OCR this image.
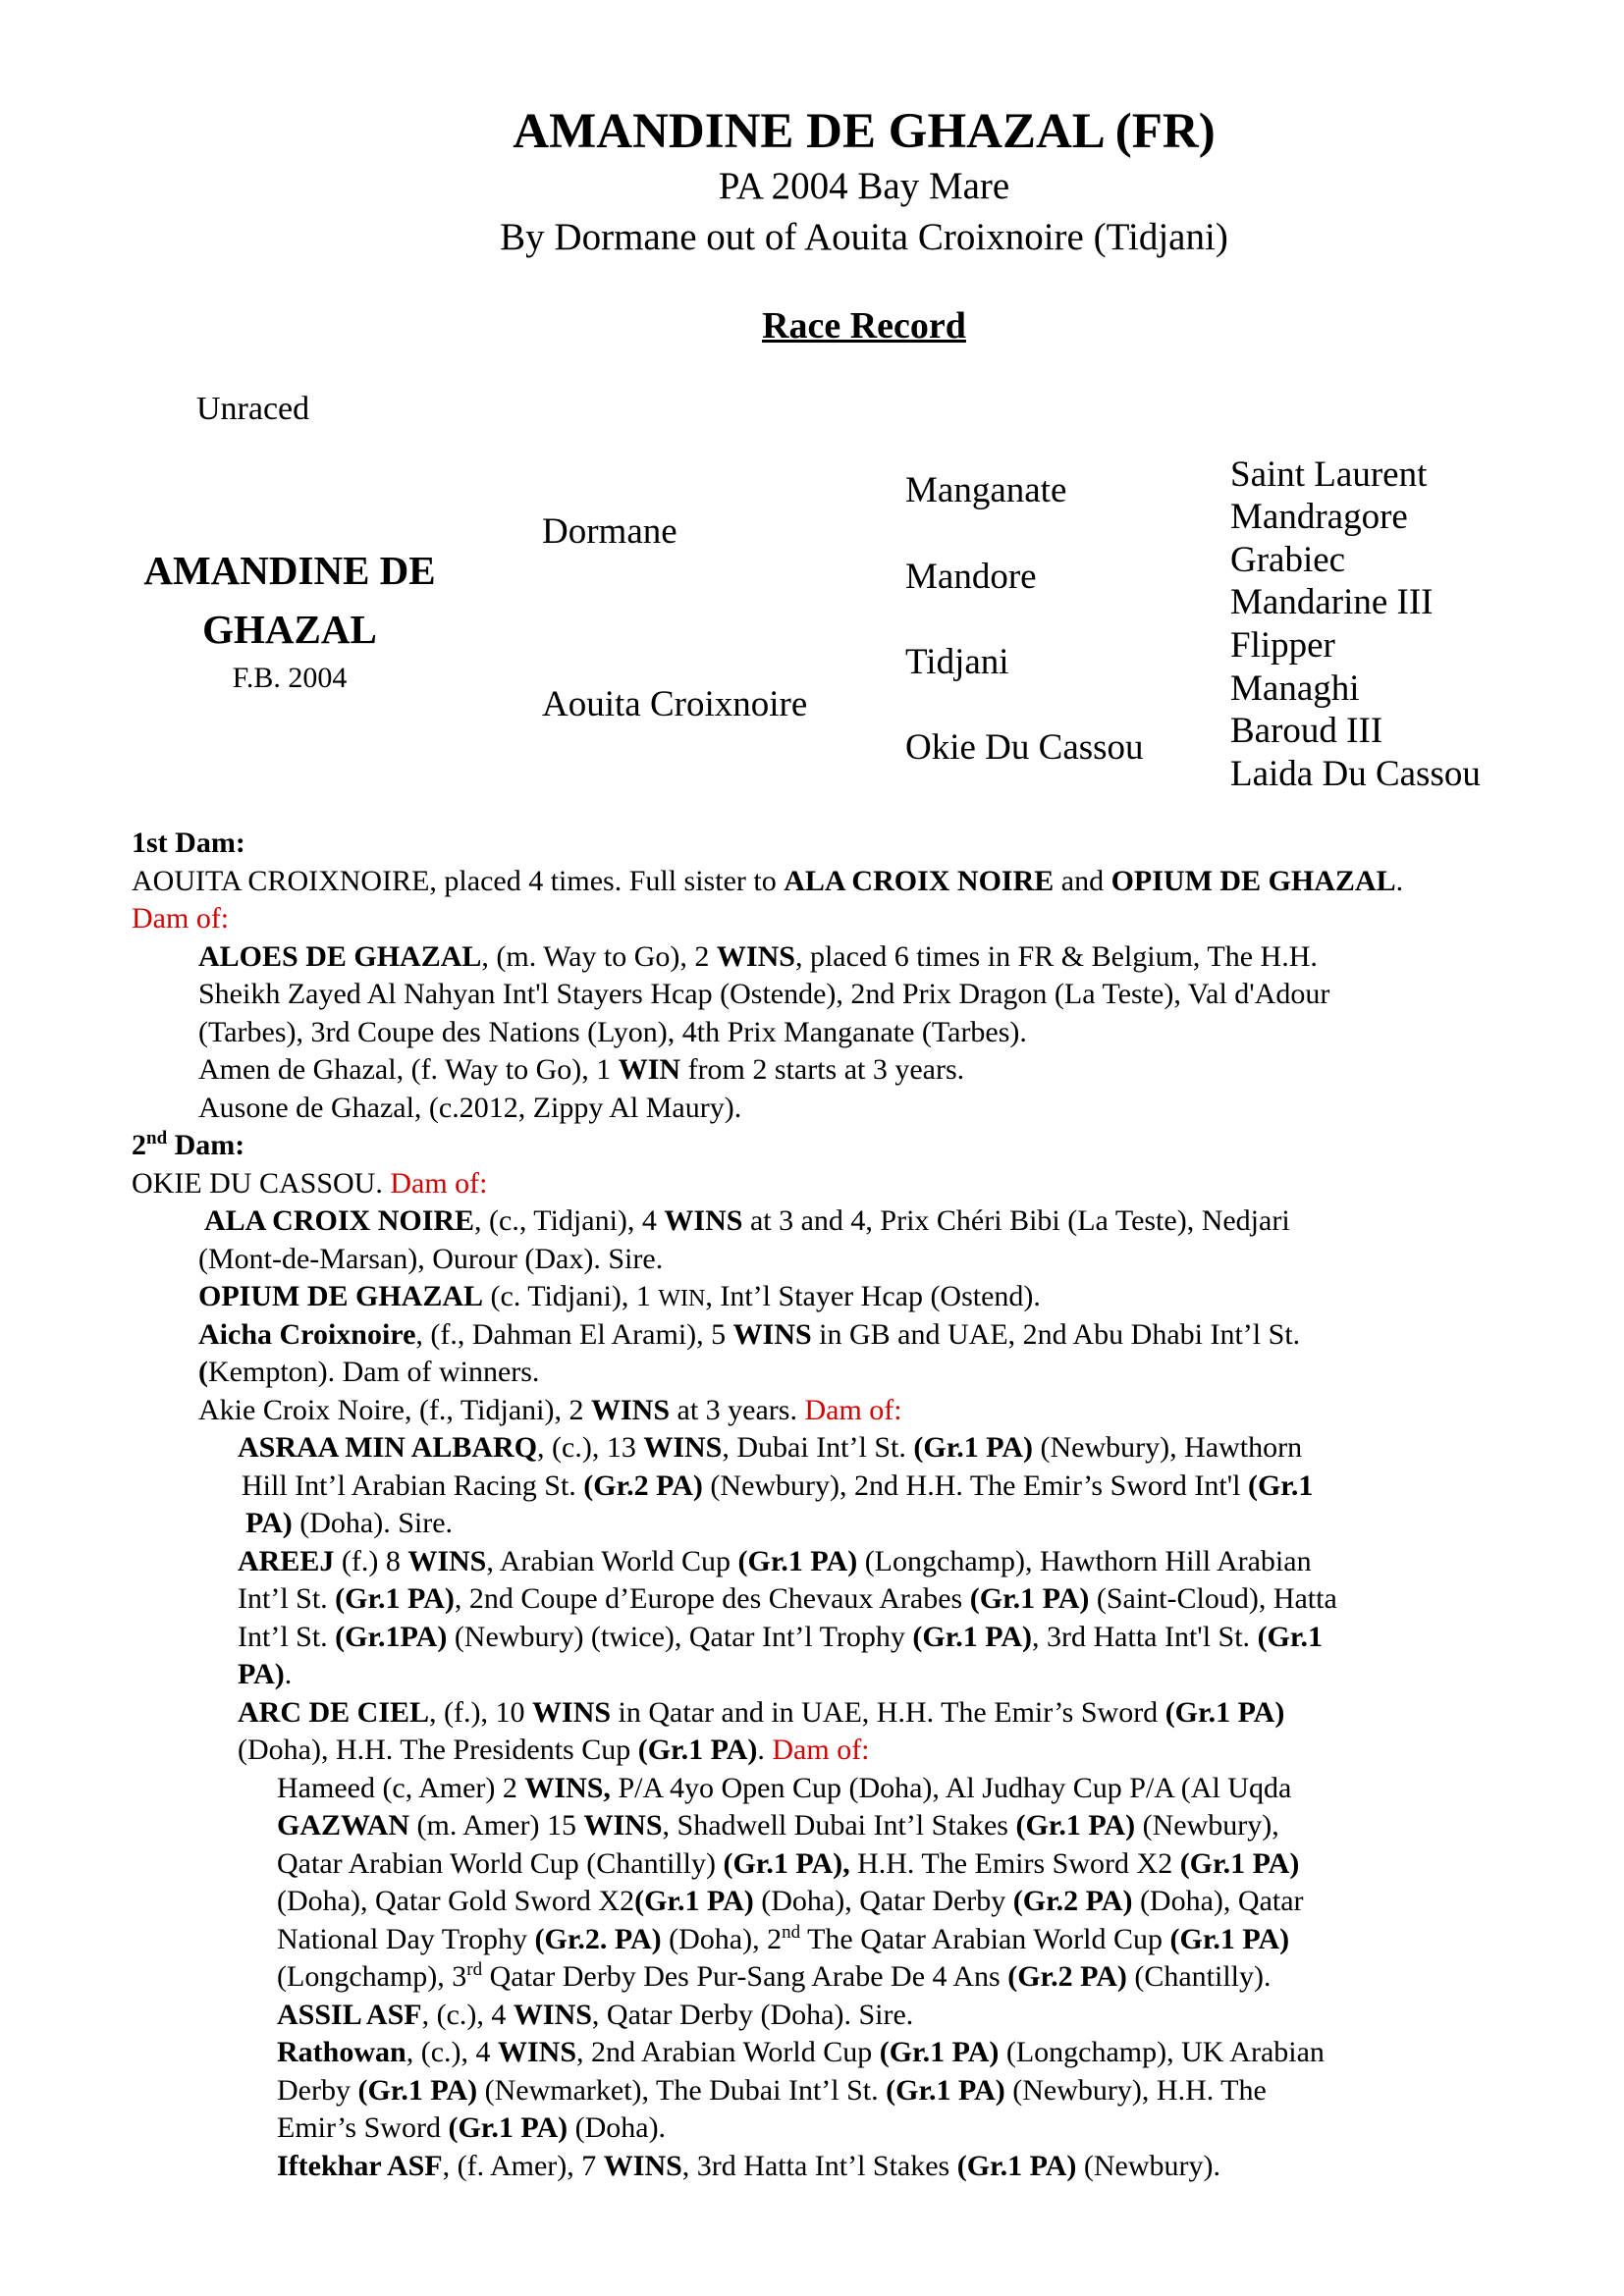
AMANDINE DE GHAZAL (FR)
PA 2004 Bay Mare
By Dormane out of Aouita Croixnoire (Tidjani)
Race Record
Unraced
AMANDINE DE
GHAZAL
F.B. 2004
Dormane
Aouita Croixnoire
Manganate
Mandore
Tidjani
Okie Du Cassou
Saint Laurent
Mandragore
Grabiec
Mandarine III
Flipper
Managhi
Baroud III
Laida Du Cassou
1st Dam:
AOUITA CROIXNOIRE, placed 4 times. Full sister to ALA CROIX NOIRE and OPIUM DE GHAZAL.
Dam of:
ALOES DE GHAZAL, (m. Way to Go), 2 WINS, placed 6 times in FR & Belgium, The H.H.
Sheikh Zayed Al Nahyan Int'l Stayers Hcap (Ostende), 2nd Prix Dragon (La Teste), Val d'Adour
(Tarbes), 3rd Coupe des Nations (Lyon), 4th Prix Manganate (Tarbes).
Amen de Ghazal, (f. Way to Go), 1 WIN from 2 starts at 3 years.
Ausone de Ghazal, (c.2012, Zippy Al Maury).
2nd Dam:
OKIE DU CASSOU. Dam of:
ALA CROIX NOIRE, (c., Tidjani), 4 WINS at 3 and 4, Prix Chéri Bibi (La Teste), Nedjari
(Mont-de-Marsan), Ourour (Dax). Sire.
OPIUM DE GHAZAL (c. Tidjani), 1 WIN, Int’l Stayer Hcap (Ostend).
Aicha Croixnoire, (f., Dahman El Arami), 5 WINS in GB and UAE, 2nd Abu Dhabi Int’l St.
(Kempton). Dam of winners.
Akie Croix Noire, (f., Tidjani), 2 WINS at 3 years. Dam of:
ASRAA MIN ALBARQ, (c.), 13 WINS, Dubai Int’l St. (Gr.1 PA) (Newbury), Hawthorn
Hill Int’l Arabian Racing St. (Gr.2 PA) (Newbury), 2nd H.H. The Emir’s Sword Int'l (Gr.1
PA) (Doha). Sire.
AREEJ (f.) 8 WINS, Arabian World Cup (Gr.1 PA) (Longchamp), Hawthorn Hill Arabian
Int’l St. (Gr.1 PA), 2nd Coupe d’Europe des Chevaux Arabes (Gr.1 PA) (Saint-Cloud), Hatta
Int’l St. (Gr.1PA) (Newbury) (twice), Qatar Int’l Trophy (Gr.1 PA), 3rd Hatta Int'l St. (Gr.1
PA).
ARC DE CIEL, (f.), 10 WINS in Qatar and in UAE, H.H. The Emir’s Sword (Gr.1 PA)
(Doha), H.H. The Presidents Cup (Gr.1 PA). Dam of:
Hameed (c, Amer) 2 WINS, P/A 4yo Open Cup (Doha), Al Judhay Cup P/A (Al Uqda
GAZWAN (m. Amer) 15 WINS, Shadwell Dubai Int’l Stakes (Gr.1 PA) (Newbury),
Qatar Arabian World Cup (Chantilly) (Gr.1 PA), H.H. The Emirs Sword X2 (Gr.1 PA)
(Doha), Qatar Gold Sword X2(Gr.1 PA) (Doha), Qatar Derby (Gr.2 PA) (Doha), Qatar
National Day Trophy (Gr.2. PA) (Doha), 2nd The Qatar Arabian World Cup (Gr.1 PA)
(Longchamp), 3rd Qatar Derby Des Pur-Sang Arabe De 4 Ans (Gr.2 PA) (Chantilly).
ASSIL ASF, (c.), 4 WINS, Qatar Derby (Doha). Sire.
Rathowan, (c.), 4 WINS, 2nd Arabian World Cup (Gr.1 PA) (Longchamp), UK Arabian
Derby (Gr.1 PA) (Newmarket), The Dubai Int’l St. (Gr.1 PA) (Newbury), H.H. The
Emir’s Sword (Gr.1 PA) (Doha).
Iftekhar ASF, (f. Amer), 7 WINS, 3rd Hatta Int’l Stakes (Gr.1 PA) (Newbury).
